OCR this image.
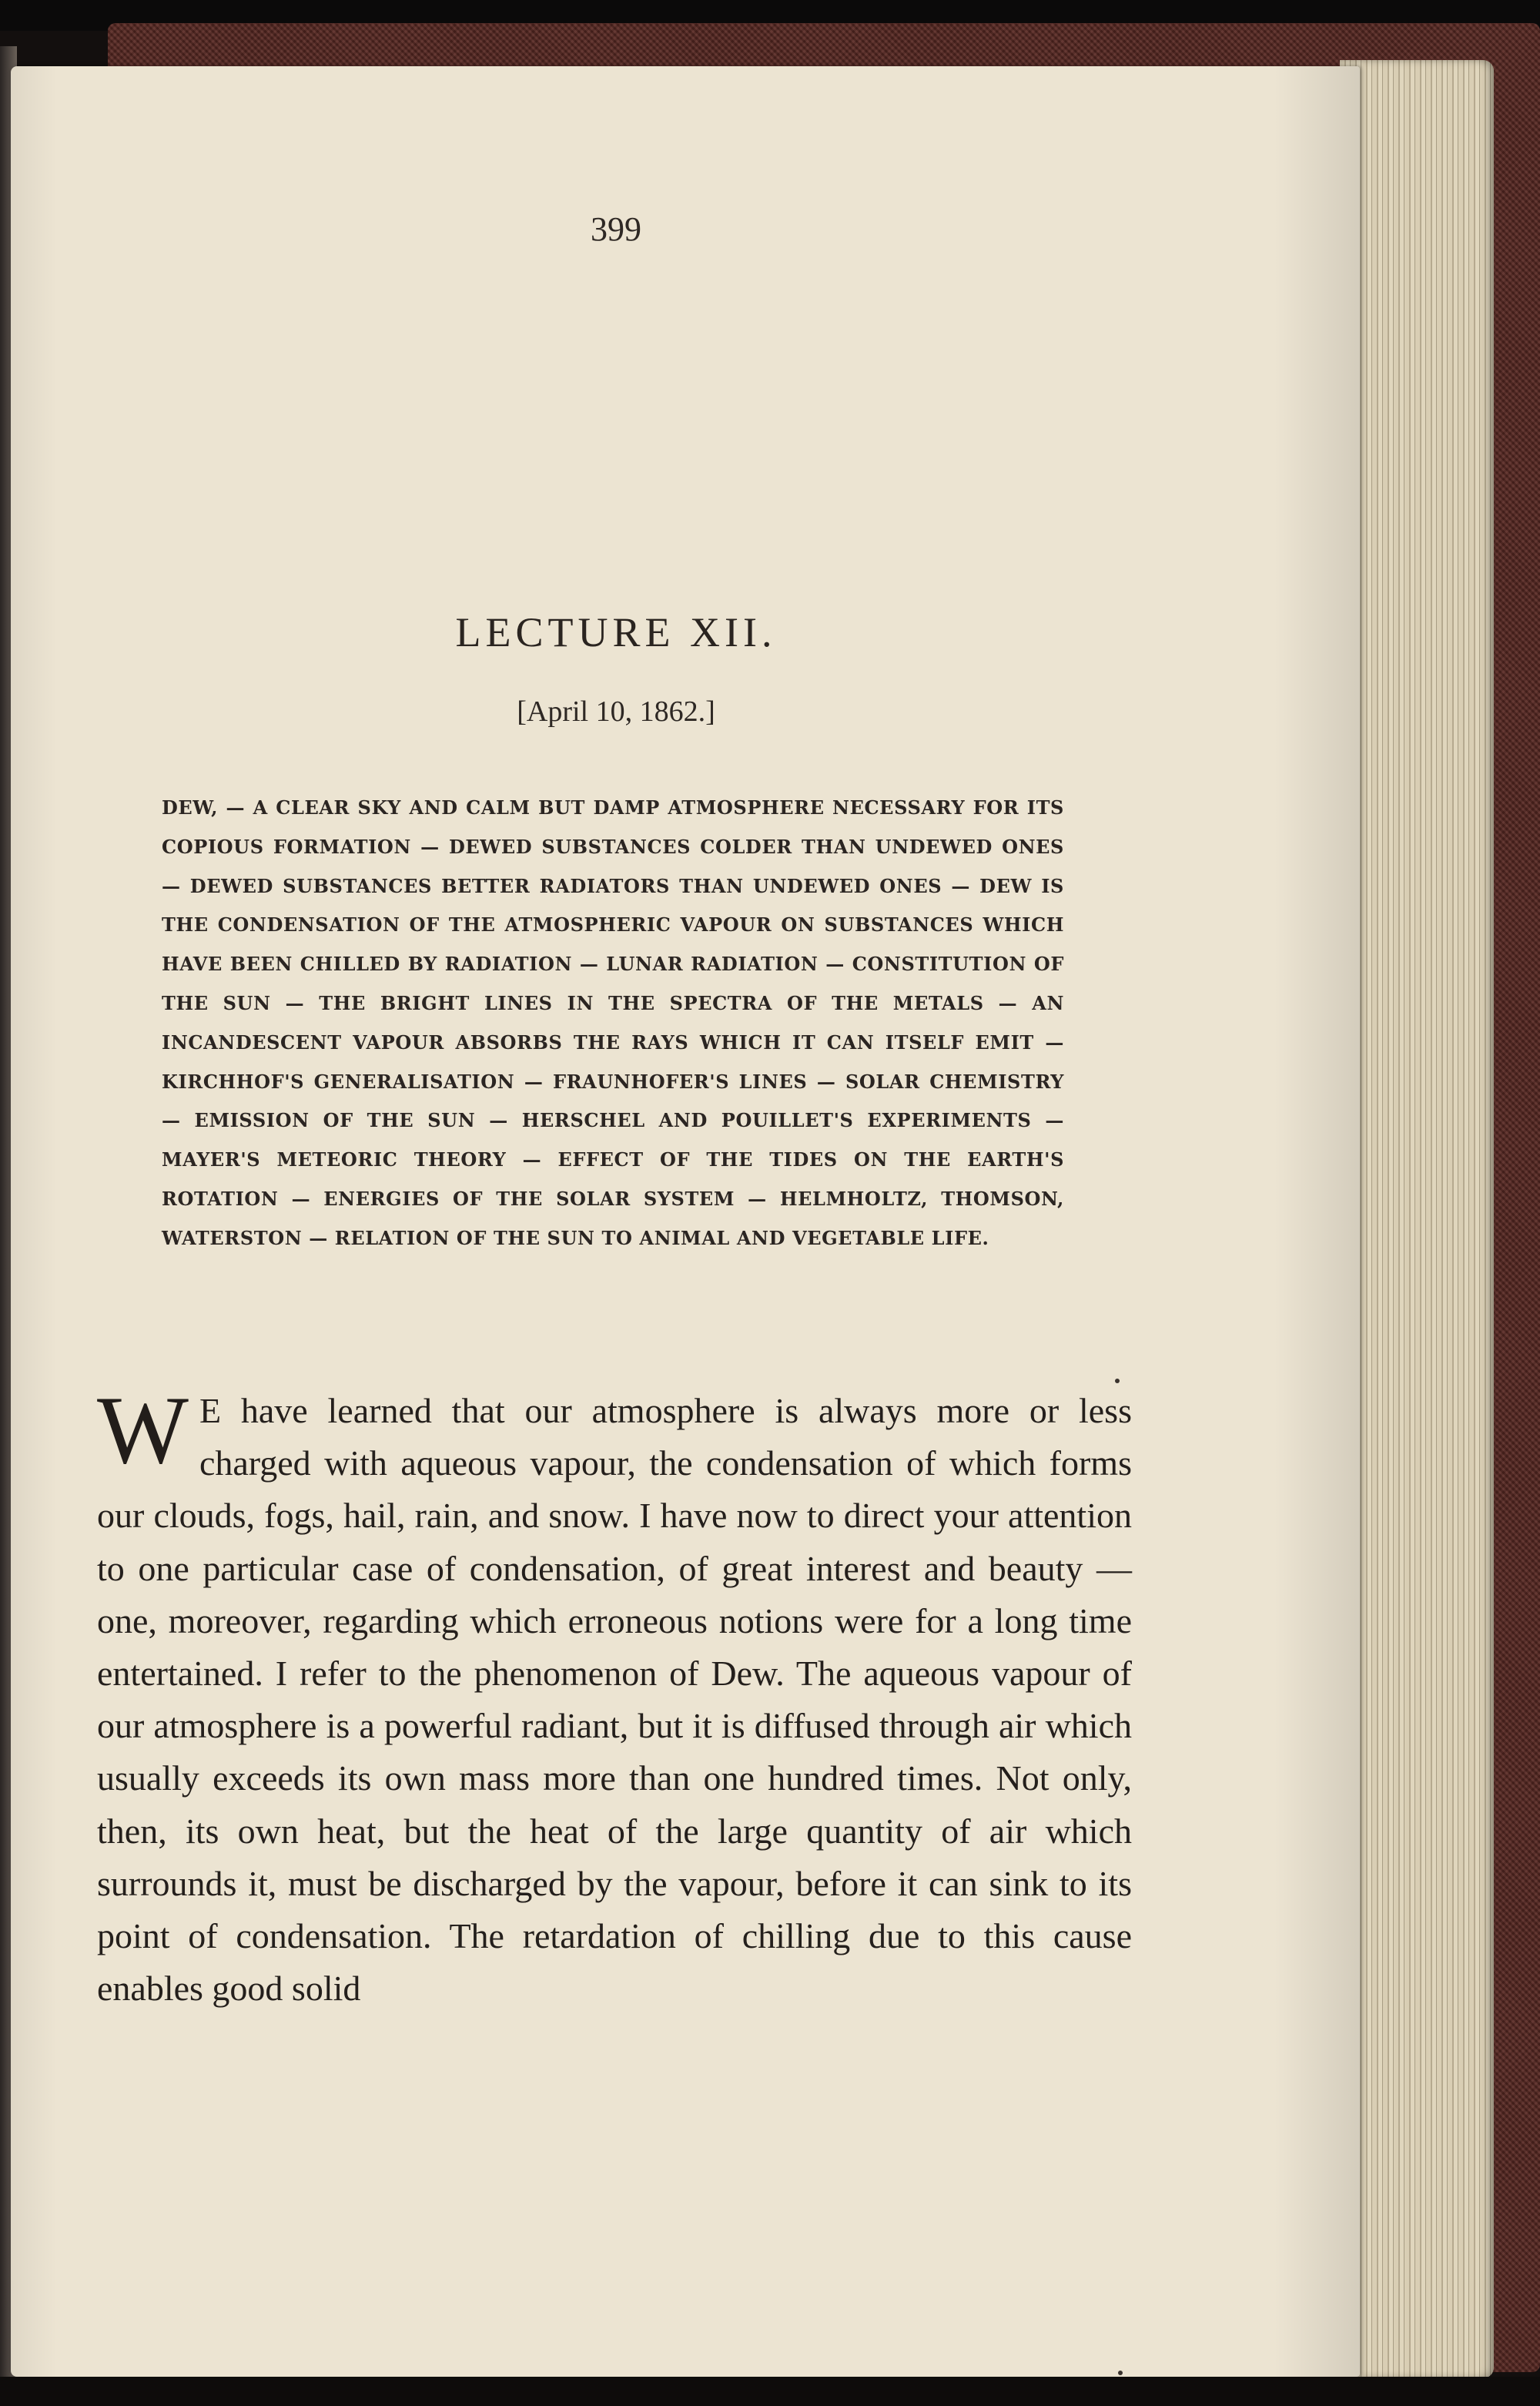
399
LECTURE XII.
[April 10, 1862.]

DEW, — A CLEAR SKY AND CALM BUT DAMP ATMOSPHERE NECESSARY FOR ITS COPIOUS FORMATION — DEWED SUBSTANCES COLDER THAN UNDEWED ONES — DEWED SUBSTANCES BETTER RADIATORS THAN UNDEWED ONES — DEW IS THE CONDENSATION OF THE ATMOSPHERIC VAPOUR ON SUBSTANCES WHICH HAVE BEEN CHILLED BY RADIATION — LUNAR RADIATION — CONSTITUTION OF THE SUN — THE BRIGHT LINES IN THE SPECTRA OF THE METALS — AN INCANDESCENT VAPOUR ABSORBS THE RAYS WHICH IT CAN ITSELF EMIT — KIRCHHOF'S GENERALISATION — FRAUNHOFER'S LINES — SOLAR CHEMISTRY — EMISSION OF THE SUN — HERSCHEL AND POUILLET'S EXPERIMENTS — MAYER'S METEORIC THEORY — EFFECT OF THE TIDES ON THE EARTH'S ROTATION — ENERGIES OF THE SOLAR SYSTEM — HELMHOLTZ, THOMSON, WATERSTON — RELATION OF THE SUN TO ANIMAL AND VEGETABLE LIFE.

W E have learned that our atmosphere is always more or less charged with aqueous vapour, the condensation of which forms our clouds, fogs, hail, rain, and snow. I have now to direct your attention to one particular case of condensation, of great interest and beauty — one, moreover, regarding which erroneous notions were for a long time entertained. I refer to the phenomenon of Dew. The aqueous vapour of our atmosphere is a powerful radiant, but it is diffused through air which usually exceeds its own mass more than one hundred times. Not only, then, its own heat, but the heat of the large quantity of air which surrounds it, must be discharged by the vapour, before it can sink to its point of condensation. The retardation of chilling due to this cause enables good solid
